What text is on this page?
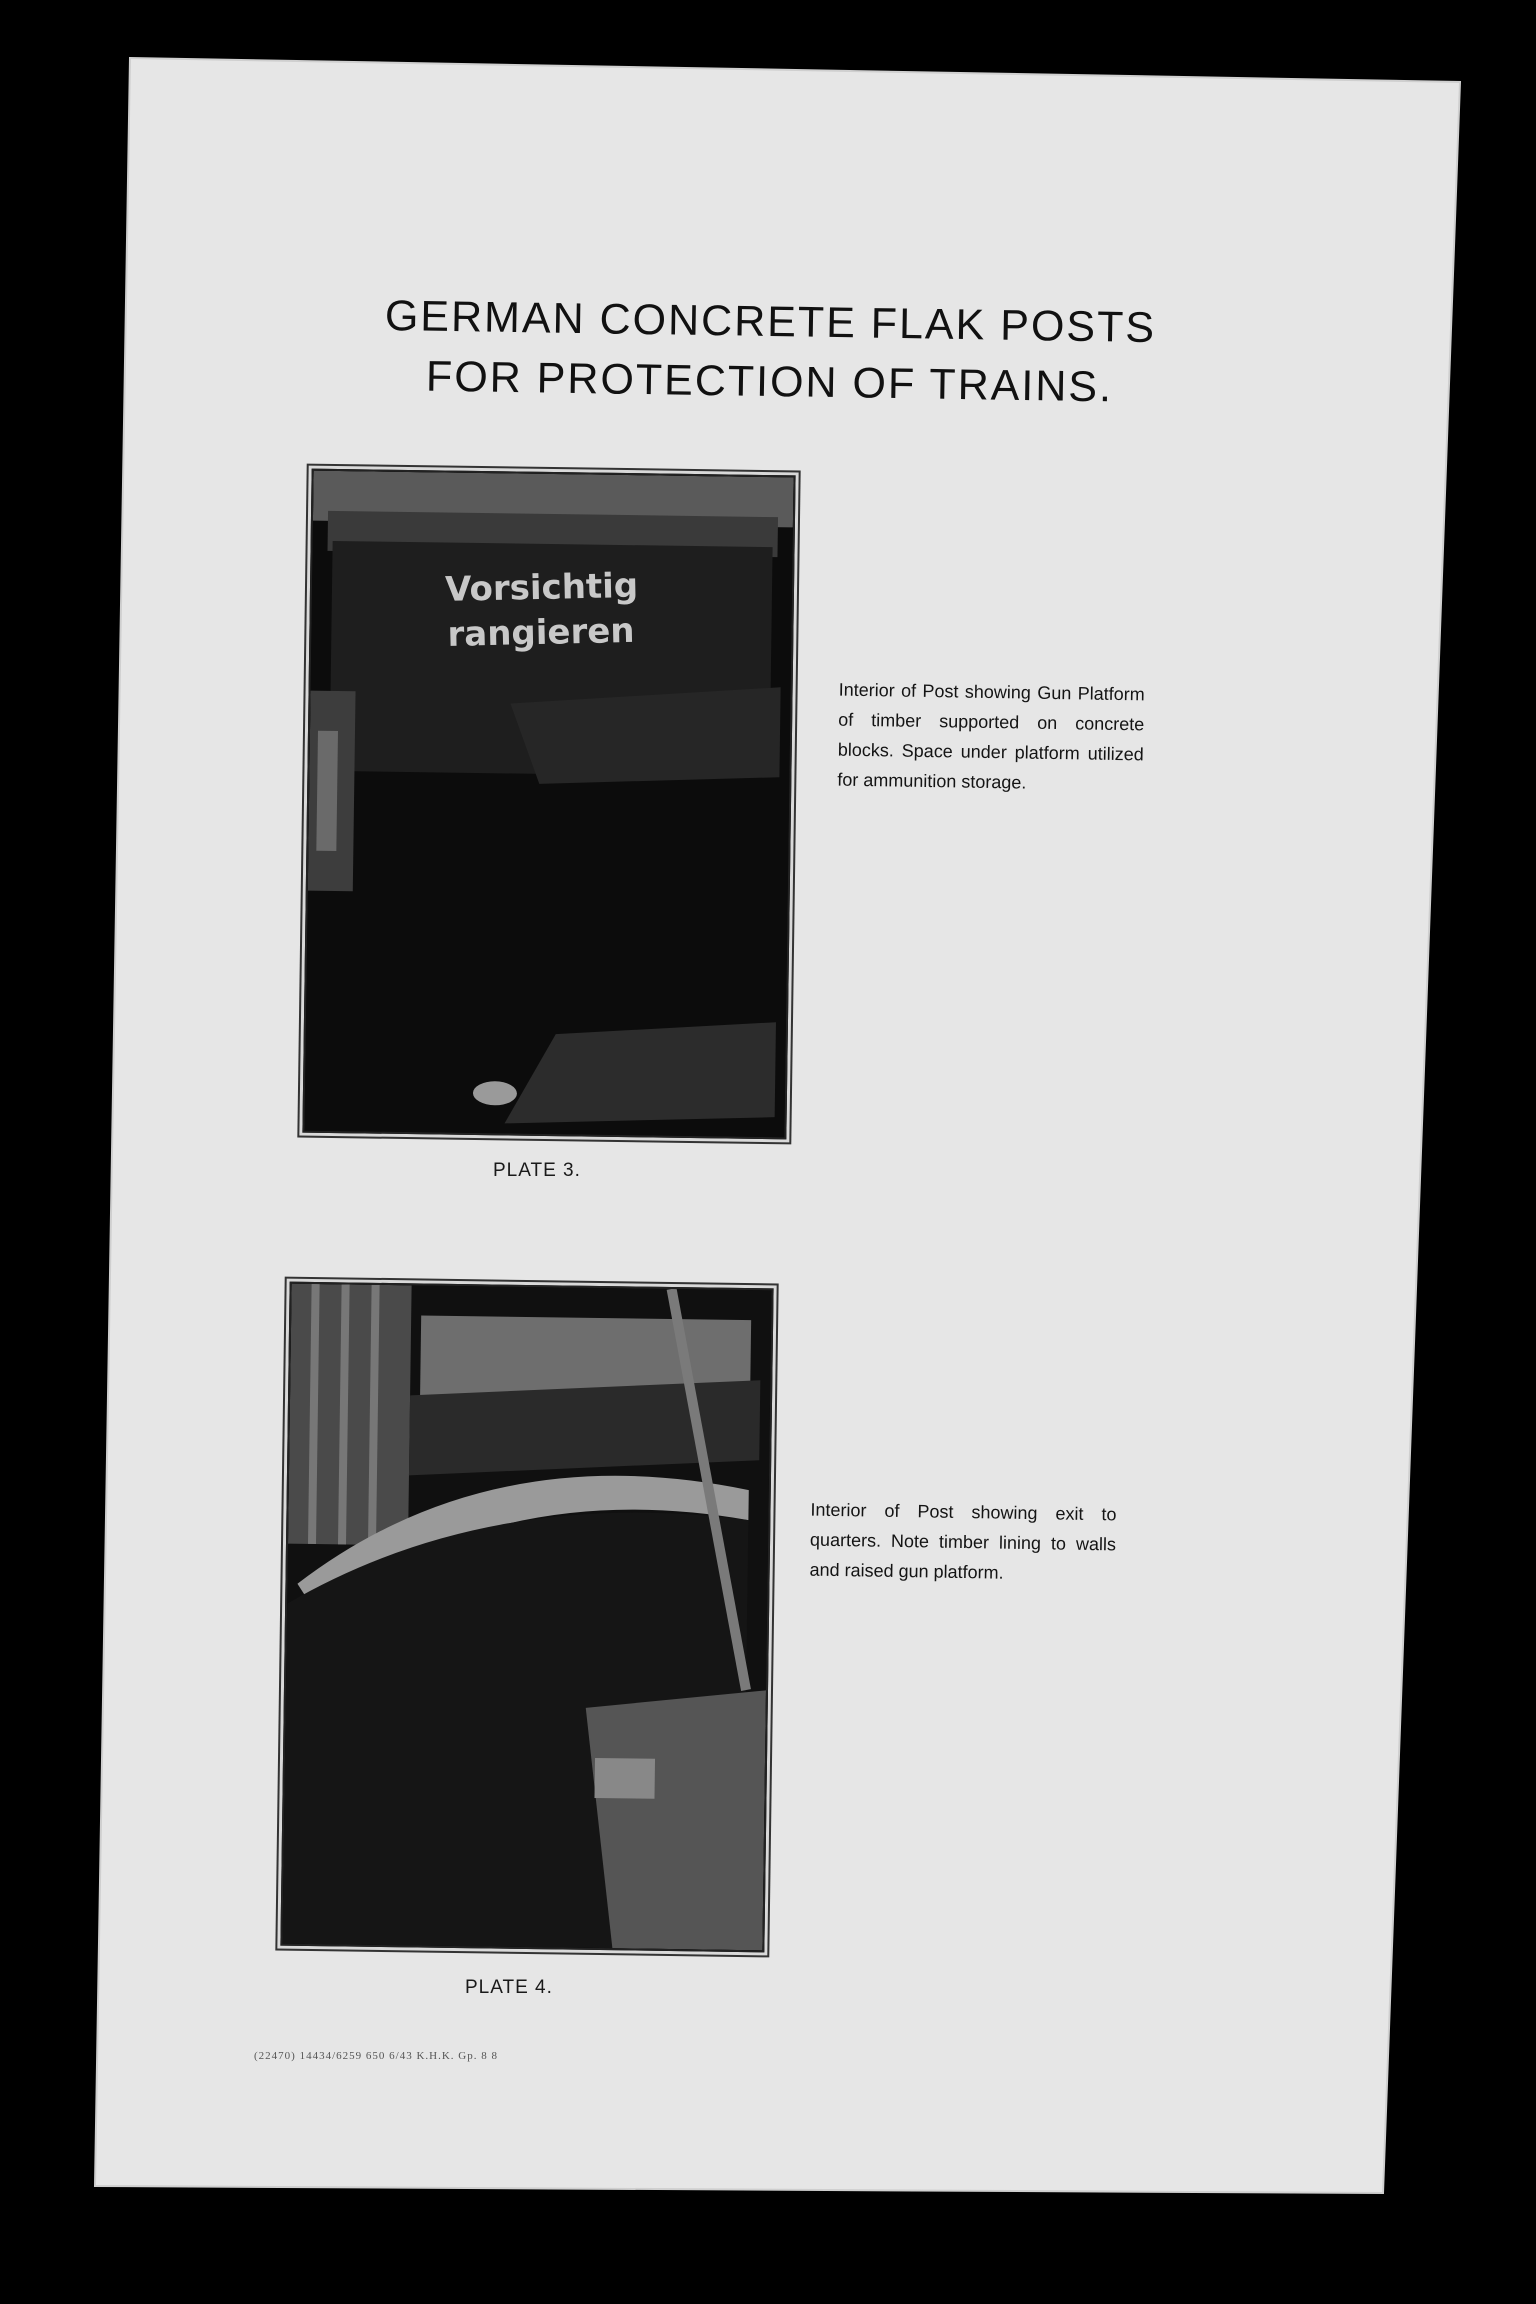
GERMAN CONCRETE FLAK POSTS
FOR PROTECTION OF TRAINS.
Vorsichtig
rangieren
Interior of Post showing Gun Platform of timber supported on concrete blocks. Space under platform utilized for ammunition storage.
PLATE 3.
Interior of Post showing exit to quarters. Note timber lining to walls and raised gun platform.
PLATE 4.
(22470) 14434/6259 650 6/43 K.H.K. Gp. 8 8
